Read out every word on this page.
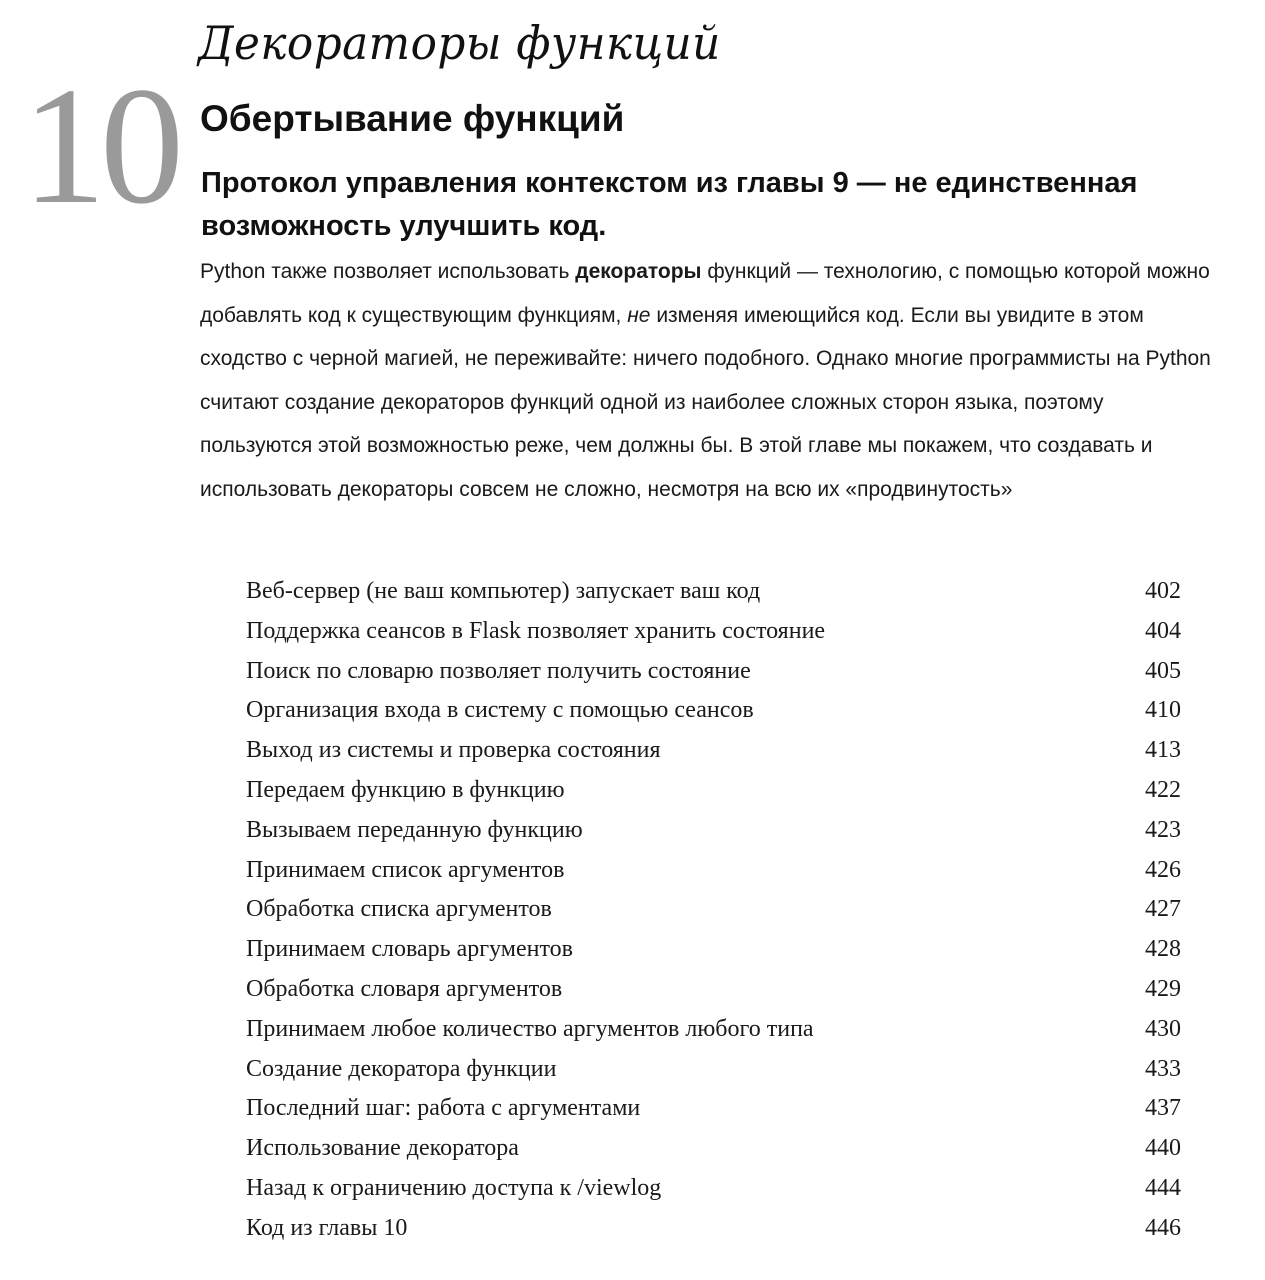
10
Декораторы функций
Обертывание функций

Протокол управления контекстом из главы 9 — не единственная возможность улучшить код.

Python также позволяет использовать декораторы функций — технологию, с помощью которой можно добавлять код к существующим функциям, не изменяя имеющийся код. Если вы увидите в этом сходство с черной магией, не переживайте: ничего подобного. Однако многие программисты на Python считают создание декораторов функций одной из наиболее сложных сторон языка, поэтому пользуются этой возможностью реже, чем должны бы. В этой главе мы покажем, что создавать и использовать декораторы совсем не сложно, несмотря на всю их «продвинутость»

Веб-сервер (не ваш компьютер) запускает ваш код	402
Поддержка сеансов в Flask позволяет хранить состояние	404
Поиск по словарю позволяет получить состояние	405
Организация входа в систему с помощью сеансов	410
Выход из системы и проверка состояния	413
Передаем функцию в функцию	422
Вызываем переданную функцию	423
Принимаем список аргументов	426
Обработка списка аргументов	427
Принимаем словарь аргументов	428
Обработка словаря аргументов	429
Принимаем любое количество аргументов любого типа	430
Создание декоратора функции	433
Последний шаг: работа с аргументами	437
Использование декоратора	440
Назад к ограничению доступа к /viewlog	444
Код из главы 10	446
